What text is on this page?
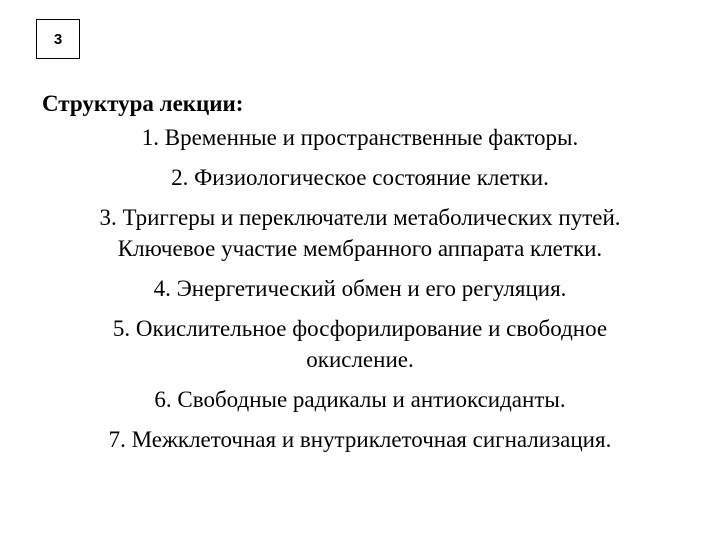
3
Структура лекции:
1. Временные и пространственные факторы.
2. Физиологическое состояние клетки.
3. Триггеры и переключатели метаболических путей.
Ключевое участие мембранного аппарата клетки.
4. Энергетический обмен и его регуляция.
5. Окислительное фосфорилирование и свободное
окисление.
6. Свободные радикалы и антиоксиданты.
7. Межклеточная и внутриклеточная сигнализация.
